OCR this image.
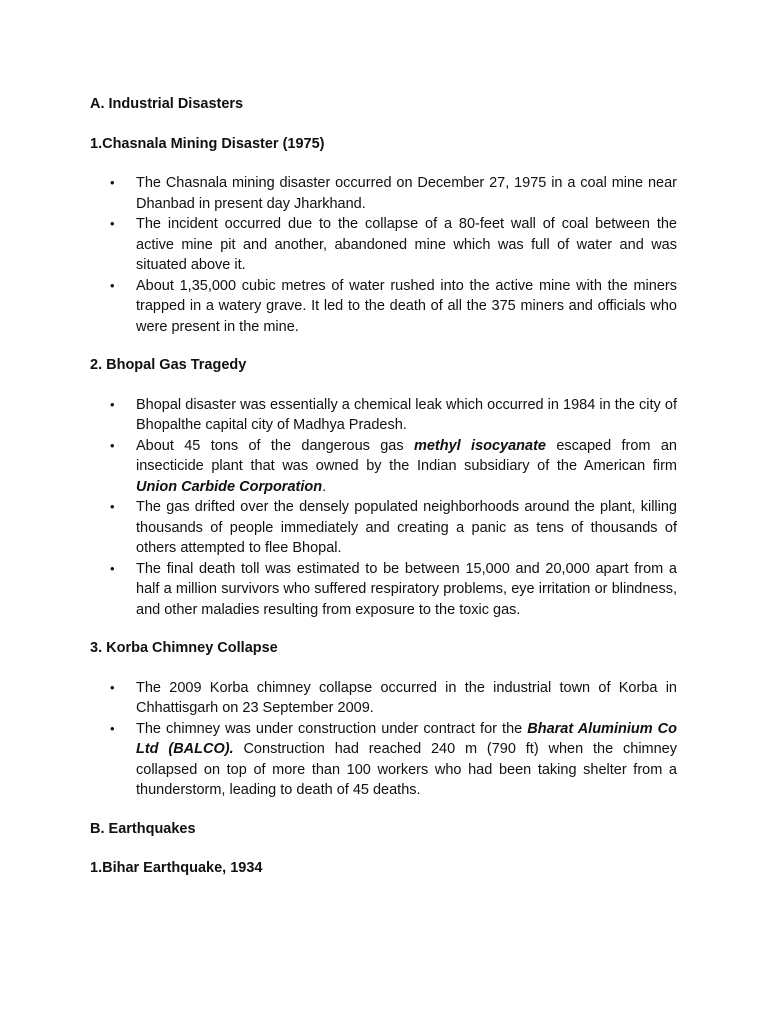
A. Industrial Disasters

1.Chasnala Mining Disaster (1975)

• The Chasnala mining disaster occurred on December 27, 1975 in a coal mine near Dhanbad in present day Jharkhand.
• The incident occurred due to the collapse of a 80-feet wall of coal between the active mine pit and another, abandoned mine which was full of water and was situated above it.
• About 1,35,000 cubic metres of water rushed into the active mine with the miners trapped in a watery grave. It led to the death of all the 375 miners and officials who were present in the mine.

2. Bhopal Gas Tragedy

• Bhopal disaster was essentially a chemical leak which occurred in 1984 in the city of Bhopalthe capital city of Madhya Pradesh.
• About 45 tons of the dangerous gas methyl isocyanate escaped from an insecticide plant that was owned by the Indian subsidiary of the American firm Union Carbide Corporation.
• The gas drifted over the densely populated neighborhoods around the plant, killing thousands of people immediately and creating a panic as tens of thousands of others attempted to flee Bhopal.
• The final death toll was estimated to be between 15,000 and 20,000 apart from a half a million survivors who suffered respiratory problems, eye irritation or blindness, and other maladies resulting from exposure to the toxic gas.

3. Korba Chimney Collapse

• The 2009 Korba chimney collapse occurred in the industrial town of Korba in Chhattisgarh on 23 September 2009.
• The chimney was under construction under contract for the Bharat Aluminium Co Ltd (BALCO). Construction had reached 240 m (790 ft) when the chimney collapsed on top of more than 100 workers who had been taking shelter from a thunderstorm, leading to death of 45 deaths.

B. Earthquakes

1.Bihar Earthquake, 1934
